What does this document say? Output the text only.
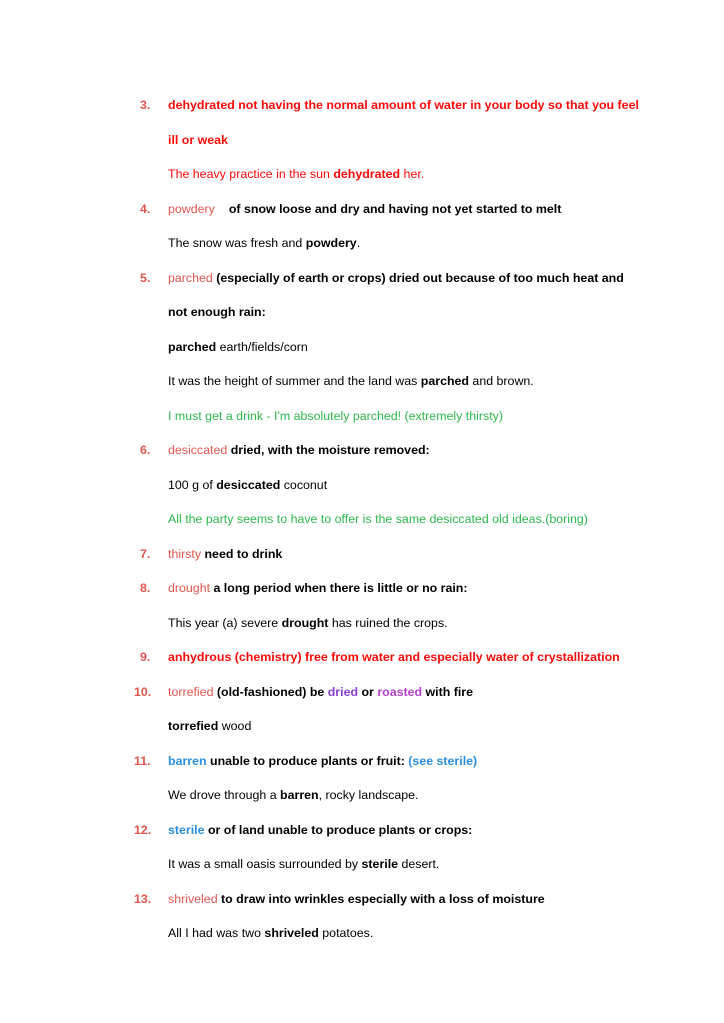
3.	dehydrated not having the normal amount of water in your body so that you feel ill or weak
The heavy practice in the sun dehydrated her.
4.	powdery of snow loose and dry and having not yet started to melt
The snow was fresh and powdery.
5.	parched (especially of earth or crops) dried out because of too much heat and not enough rain:
parched earth/fields/corn
It was the height of summer and the land was parched and brown.
I must get a drink - I'm absolutely parched! (extremely thirsty)
6.	desiccated dried, with the moisture removed:
100 g of desiccated coconut
All the party seems to have to offer is the same desiccated old ideas.(boring)
7.	thirsty need to drink
8.	drought a long period when there is little or no rain:
This year (a) severe drought has ruined the crops.
9.	anhydrous (chemistry) free from water and especially water of crystallization
10.	torrefied (old-fashioned) be dried or roasted with fire
torrefied wood
11.	barren unable to produce plants or fruit: (see sterile)
We drove through a barren, rocky landscape.
12.	sterile or of land unable to produce plants or crops:
It was a small oasis surrounded by sterile desert.
13.	shriveled to draw into wrinkles especially with a loss of moisture
All I had was two shriveled potatoes.
